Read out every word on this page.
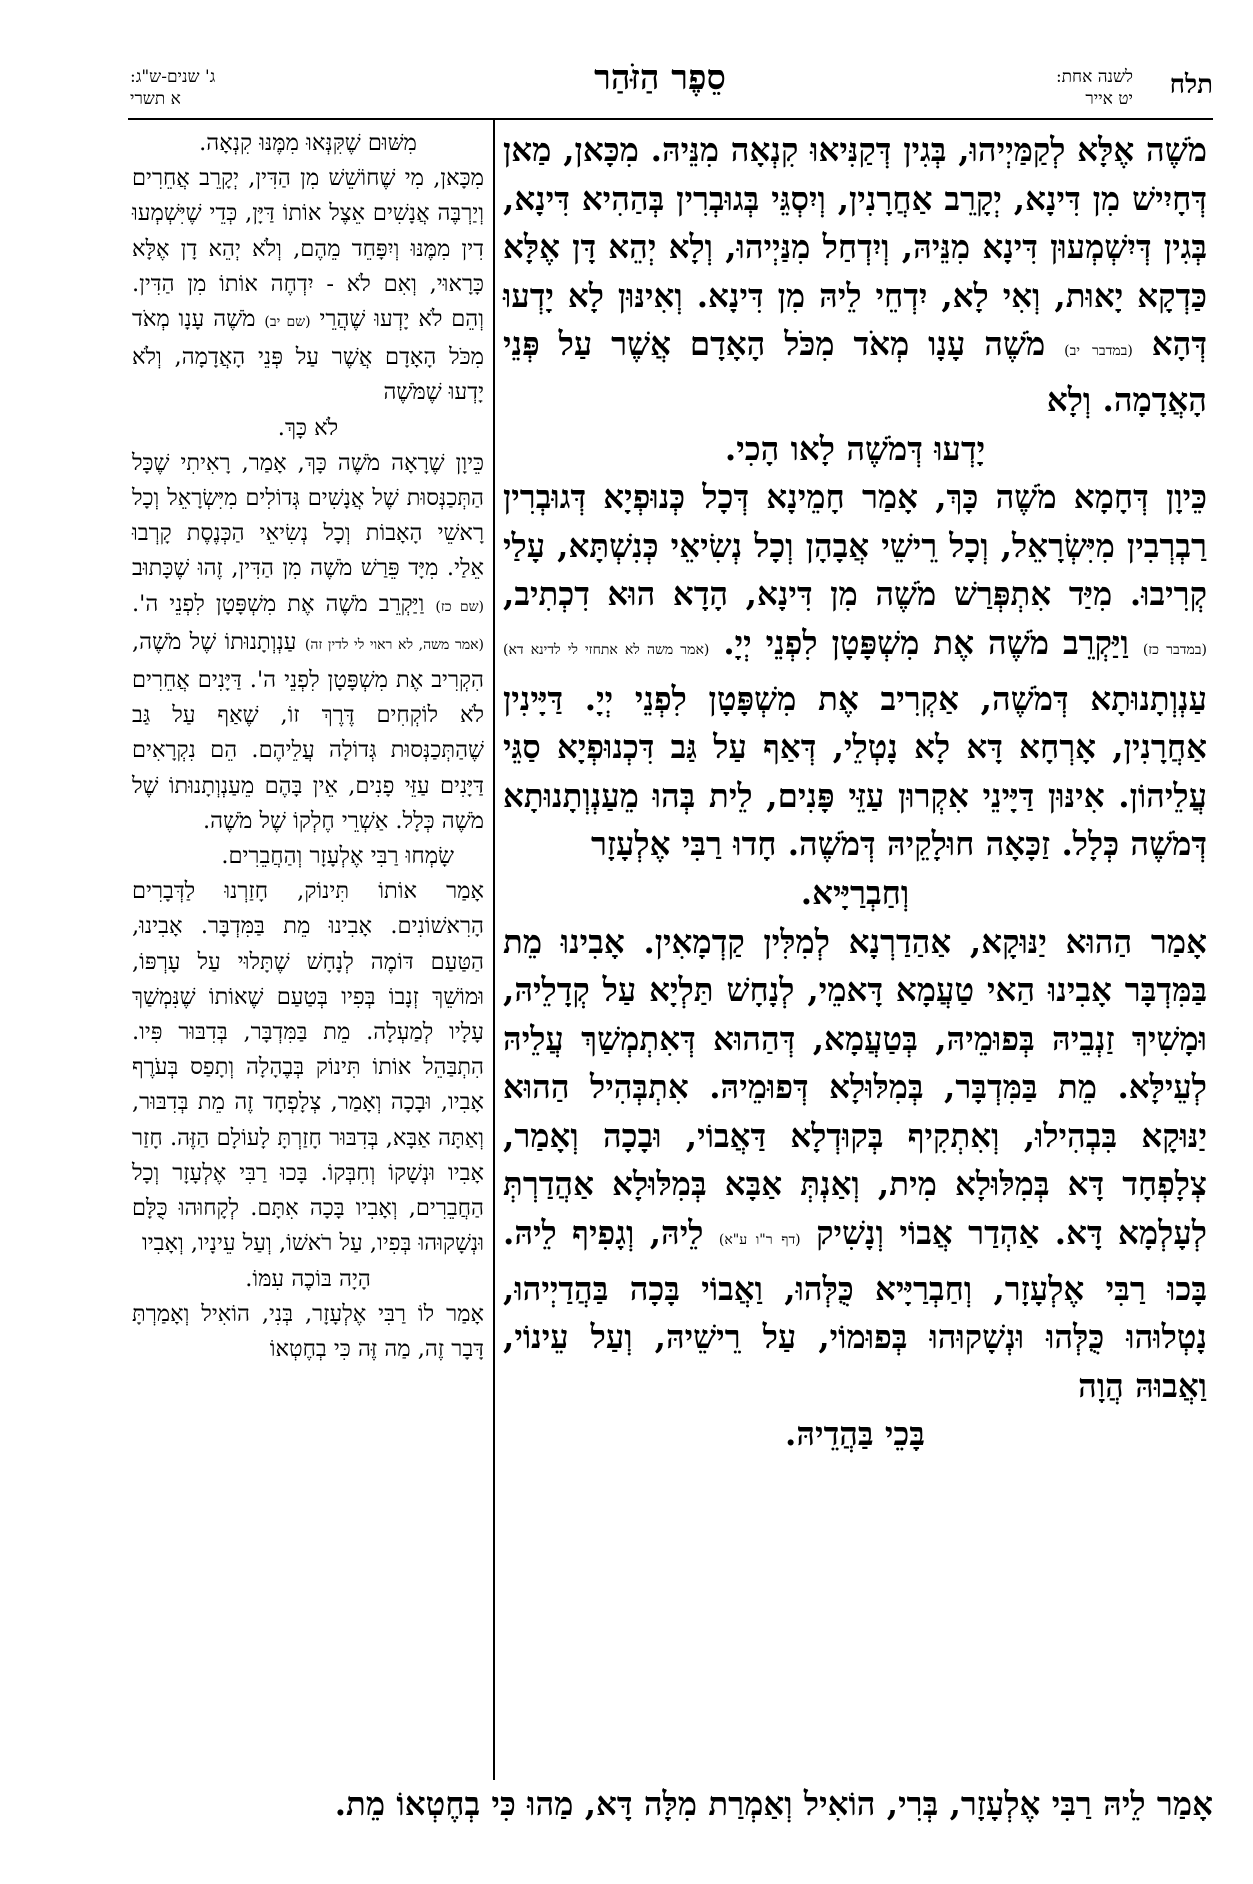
תלח
לשנה אחת:
יט אייר
סֵפֶר הַזֹּהַר
ג' שנים-ש"ג:
א תשרי

מֹשֶׁה אֶלָּא לְקַמַּיְיהוּ, בְּגִין דְּקַנִּיאוּ קִנְאָה מִנֵּיהּ. מִכָּאן, מַאן דְּחָיִישׁ מִן דִּינָא, יְקָרֵב אַחֲרָנִין, וְיִסְגֵּי בְּגוּבְרִין בְּהַהִיא דִּינָא, בְּגִין דְּיִשְׁמְעוּן דִּינָא מִנֵּיהּ, וְיִדְחַל מִנַּיְיהוּ, וְלָא יְהֵא דָּן אֶלָּא כַּדְקָא יָאוּת, וְאִי לָא, יִדְחֵי לֵיהּ מִן דִּינָא. וְאִינּוּן לָא יָדְעוּ דְּהָא (במדבר יב) מֹשֶׁה עָנָו מְאֹד מִכֹּל הָאָדָם אֲשֶׁר עַל פְּנֵי הָאֲדָמָה. וְלָא

יָדְעוּ דְּמֹשֶׁה לָאו הָכִי.

כֵּיוָן דְּחָמָא מֹשֶׁה כָּךְ, אָמַר חָמֵינָא דְּכָל כְּנוּפְיָא דְּגוּבְרִין רַבְרְבִין מִיִּשְׂרָאֵל, וְכָל רֵישֵׁי אֲבָהָן וְכָל נְשִׂיאֵי כְּנִשְׁתָּא, עָלַי קְרִיבוּ. מִיַּד אִתְפְּרַשׁ מֹשֶׁה מִן דִּינָא, הָדָא הוּא דִכְתִיב, (במדבר כז) וַיַּקְרֵב מֹשֶׁה אֶת מִשְׁפָּטָן לִפְנֵי יְיָ. (אמר משה לא אתחזי לי לדינא דא) עַנְוְתָנוּתָא דְּמֹשֶׁה, אַקְרִיב אֶת מִשְׁפָּטָן לִפְנֵי יְיָ. דַּיָּינִין אַחֲרָנִין, אָרְחָא דָּא לָא נָטְלֵי, דְּאַף עַל גַּב דִּכְנוּפְיָא סַגֵּי עֲלֵיהוֹן. אִינּוּן דַּיָּינֵי אִקְרוּן עַזֵּי פָּנִים, לֵית בְּהוּ מֵעַנְוְתָנוּתָא דְּמֹשֶׁה כְּלָל. זַכָּאָה חוּלָקֵיהּ דְּמֹשֶׁה. חָדוּ רַבִּי אֶלְעָזָר

וְחַבְרַיָּיא.

אָמַר הַהוּא יַנּוּקָא, אַהַדַרְנָא לְמִלִּין קַדְמָאִין. אָבִינוּ מֵת בַּמִּדְבָּר אָבִינוּ הַאי טַעֲמָא דָּאמֵי, לְנָחָשׁ תַּלְיָא עַל קְדָלֵיהּ, וּמָשִׁיךְ זַנְבֵיהּ בְּפוּמֵיהּ, בְּטַעֲמָא, דְּהַהוּא דְּאִתְמְשַׁךְ עֲלֵיהּ לְעֵילָּא. מֵת בַּמִּדְבָּר, בְּמִלּוּלָא דְּפוּמֵיהּ. אִתְבְּהִיל הַהוּא יַנּוּקָא בִּבְהִילוּ, וְאִתְקִיף בְּקוּדְלָא דַּאֲבוֹי, וּבָכָה וְאָמַר, צְלָפְחָד דָּא בְּמִלּוּלָא מִית, וְאַנְתְּ אַבָּא בְּמִלּוּלָא אַהֲדַרְתְּ לְעָלְמָא דָּא. אַהְדַר אֲבוֹי וְנָשִׁיק (דף ר"ו ע"א) לֵיהּ, וְגָפִיף לֵיהּ. בָּכוּ רַבִּי אֶלְעָזָר, וְחַבְרַיָּיא כֻּלְּהוּ, וַאֲבוֹי בָּכָה בַּהֲדַיְיהוּ, נָטְלוּהוּ כֻּלְּהוּ וּנְשָׁקוּהוּ בְּפוּמוֹי, עַל רֵישֵׁיהּ, וְעַל עֵינוֹי, וַאֲבוּהּ הֲוָה

בָּכֵי בַּהֲדֵיהּ.

מִשּׁוּם שֶׁקִּנְּאוּ מִמֶּנּוּ קִנְאָה.

מִכָּאן, מִי שֶׁחוֹשֵׁשׁ מִן הַדִּין, יְקָרֵב אֲחֵרִים וְיַרְבֶּה אֲנָשִׁים אֵצֶל אוֹתוֹ דַּיָּן, כְּדֵי שֶׁיִּשְׁמְעוּ דִין מִמֶּנּוּ וְיִפָּחֵד מֵהֶם, וְלֹא יְהֵא דָן אֶלָּא כָּרָאוּי, וְאִם לֹא - יִדְחֶה אוֹתוֹ מִן הַדִּין. וְהֵם לֹא יָדְעוּ שֶׁהֲרֵי (שם יב) מֹשֶׁה עָנָו מְאֹד מִכֹּל הָאָדָם אֲשֶׁר עַל פְּנֵי הָאֲדָמָה, וְלֹא יָדְעוּ שֶׁמֹּשֶׁה

לֹא כָּךְ.

כֵּיוָן שֶׁרָאָה מֹשֶׁה כָּךְ, אָמַר, רָאִיתִי שֶׁכָּל הַתְּכַנְּסוּת שֶׁל אֲנָשִׁים גְּדוֹלִים מִיִּשְׂרָאֵל וְכָל רָאשֵׁי הָאָבוֹת וְכָל נְשִׂיאֵי הַכְּנֶסֶת קָרְבוּ אֵלַי. מִיָּד פֵּרַשׁ מֹשֶׁה מִן הַדִּין, זֶהוּ שֶׁכָּתוּב (שם כז) וַיַּקְרֵב מֹשֶׁה אֶת מִשְׁפָּטָן לִפְנֵי ה'. (אמר משה, לא ראוי לי לדין זה) עַנְוְתָנוּתוֹ שֶׁל מֹשֶׁה, הִקְרִיב אֶת מִשְׁפָּטָן לִפְנֵי ה'. דַּיָּנִים אֲחֵרִים לֹא לוֹקְחִים דֶּרֶךְ זוֹ, שֶׁאַף עַל גַּב שֶׁהַתְּכַנְּסוּת גְּדוֹלָה עֲלֵיהֶם. הֵם נִקְרָאִים דַּיָּנִים עַזֵּי פָנִים, אֵין בָּהֶם מֵעַנְוְתָנוּתוֹ שֶׁל מֹשֶׁה כְּלָל. אַשְׁרֵי חֶלְקוֹ שֶׁל מֹשֶׁה.

שָׂמְחוּ רַבִּי אֶלְעָזָר וְהַחֲבֵרִים.

אָמַר אוֹתוֹ תִּינוֹק, חָזַרְנוּ לַדְּבָרִים הָרִאשׁוֹנִים. אָבִינוּ מֵת בַּמִּדְבָּר. אָבִינוּ, הַטַּעַם דּוֹמֶה לְנָחָשׁ שֶׁתָּלוּי עַל עָרְפּוֹ, וּמוֹשֵׁךְ זְנָבוֹ בְּפִיו בְּטַעַם שֶׁאוֹתוֹ שֶׁנִּמְשַׁךְ עָלָיו לְמַעְלָה. מֵת בַּמִּדְבָּר, בְּדִבּוּר פִּיו. הִתְבַּהֵל אוֹתוֹ תִּינוֹק בְּבֶהָלָה וְתָפַס בְּעֹרֶף אָבִיו, וּבָכָה וְאָמַר, צְלָפְחָד זֶה מֵת בְּדִבּוּר, וְאַתָּה אַבָּא, בְּדִבּוּר חָזַרְתָּ לָעוֹלָם הַזֶּה. חָזַר אָבִיו וּנְשָׁקוֹ וְחִבְּקוֹ. בָּכוּ רַבִּי אֶלְעָזָר וְכָל הַחֲבֵרִים, וְאָבִיו בָּכָה אִתָּם. לְקָחוּהוּ כֻּלָּם וּנְשָׁקוּהוּ בְּפִיו, עַל רֹאשׁוֹ, וְעַל עֵינָיו, וְאָבִיו

הָיָה בּוֹכֶה עִמּוֹ.

אָמַר לוֹ רַבִּי אֶלְעָזָר, בְּנִי, הוֹאִיל וְאָמַרְתָּ דָּבָר זֶה, מַה זֶּה כִּי בְחֶטְאוֹ

אָמַר לֵיהּ רַבִּי אֶלְעָזָר, בְּרִי, הוֹאִיל וְאַמְרַת מִלָּה דָּא, מַהוּ כִּי בְחֶטְאוֹ מֵת.
